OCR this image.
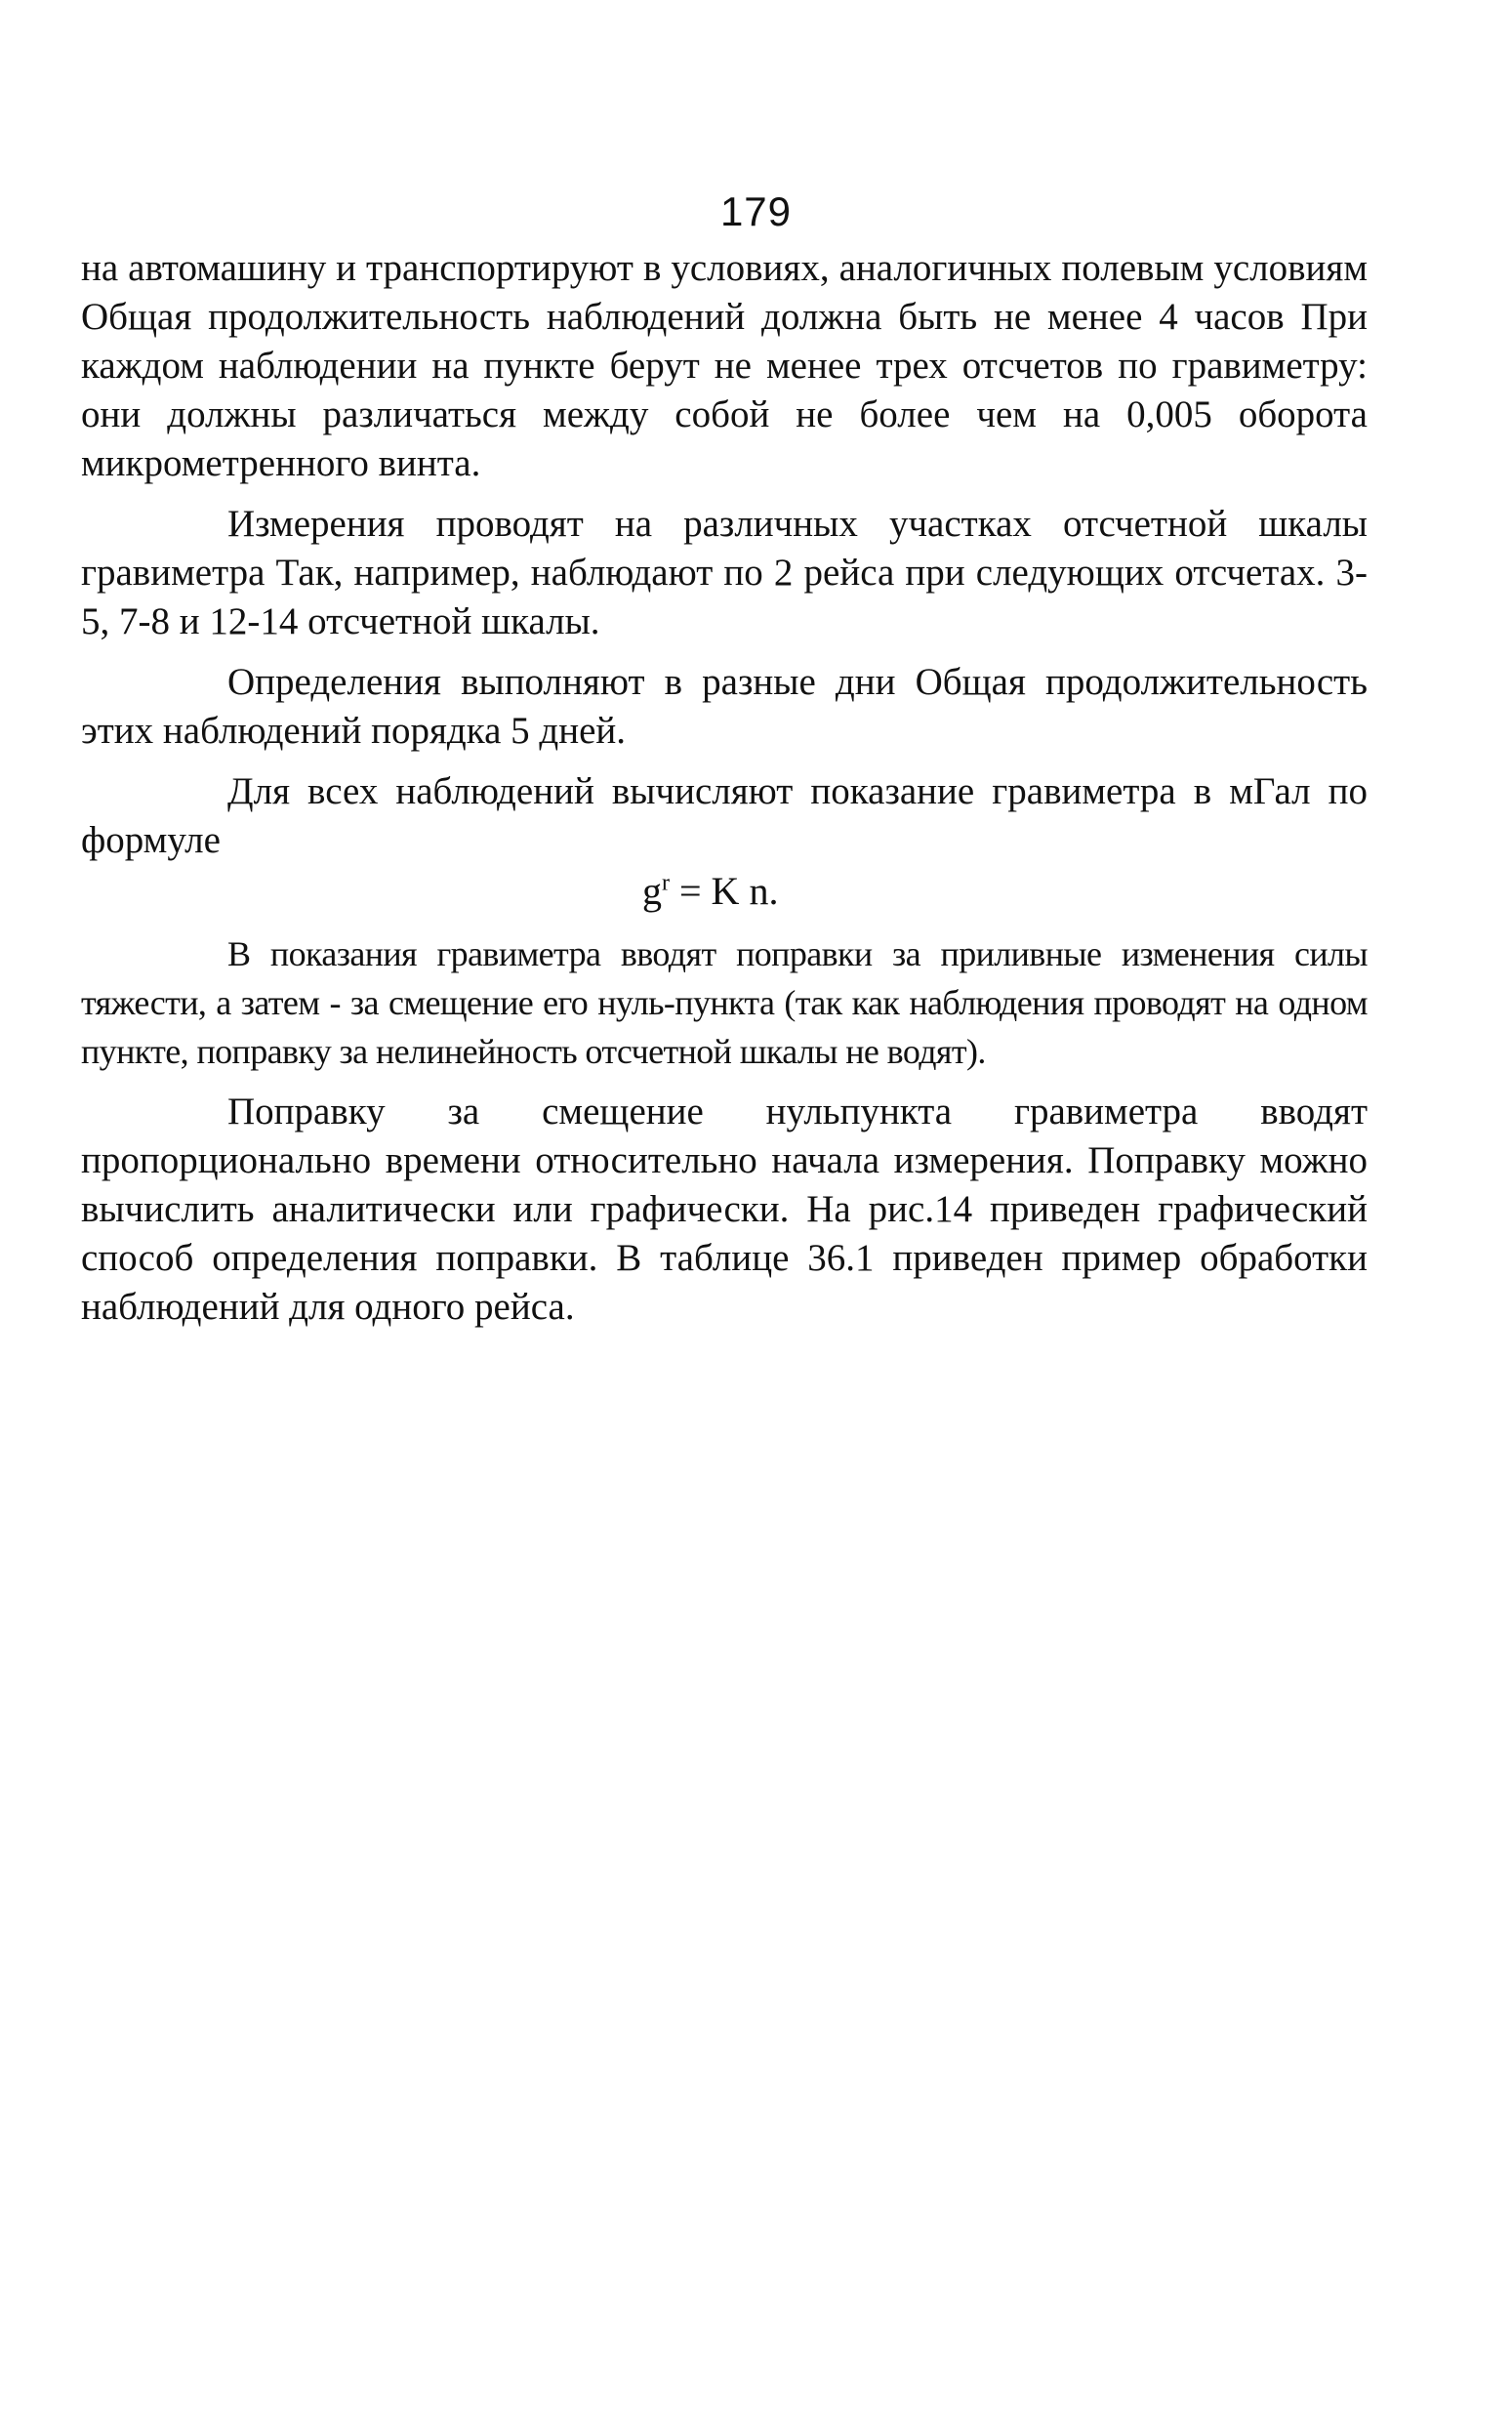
179

на автомашину и транспортируют в условиях, аналогичных полевым условиям Общая продолжительность наблюдений должна быть не менее 4 часов При каждом наблюдении на пункте берут не менее трех отсчетов по гравиметру: они должны различаться между собой не более чем на 0,005 оборота микрометренного винта.

Измерения проводят на различных участках отсчетной шкалы гравиметра Так, например, наблюдают по 2 рейса при следующих отсчетах. 3-5, 7-8 и 12-14 отсчетной шкалы.

Определения выполняют в разные дни Общая продолжительность этих наблюдений порядка 5 дней.

Для всех наблюдений вычисляют показание гравиметра в мГал по формуле

$g^r = K$ n.

В показания гравиметра вводят поправки за приливные изменения силы тяжести, а затем - за смещение его нуль-пункта (так как наблюдения проводят на одном пункте, поправку за нелинейность отсчетной шкалы не водят).

Поправку за смещение нульпункта гравиметра вводят пропорционально времени относительно начала измерения. Поправку можно вычислить аналитически или графически. На рис.14 приведен графический способ определения поправки. В таблице 36.1 приведен пример обработки наблюдений для одного рейса.
